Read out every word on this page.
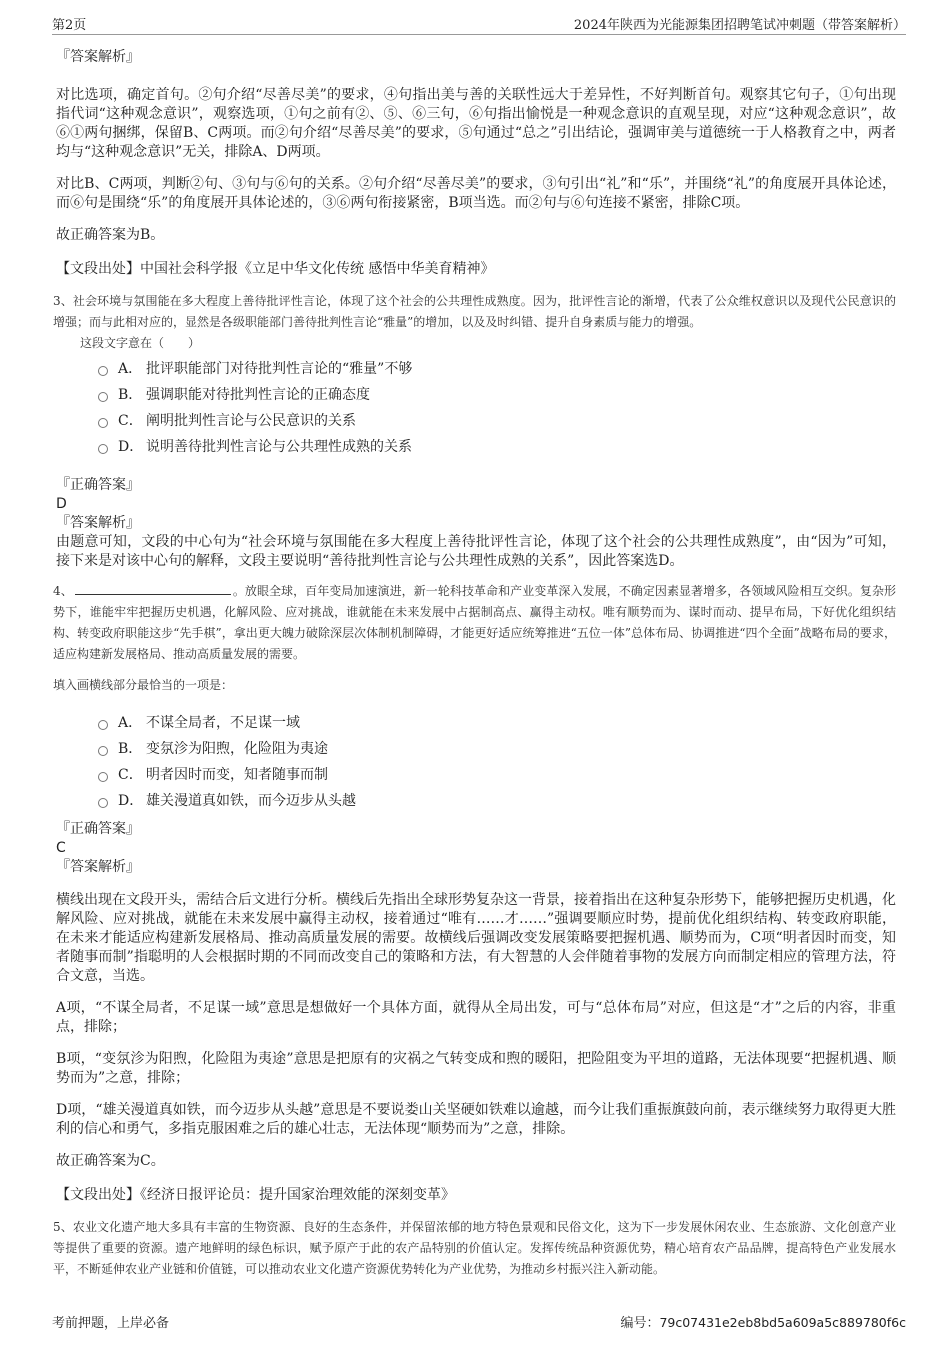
第2页	2024年陕西为光能源集团招聘笔试冲刺题（带答案解析）

『答案解析』

对比选项，确定首句。②句介绍“尽善尽美”的要求，④句指出美与善的关联性远大于差异性，不好判断首句。观察其它句子，①句出现指代词“这种观念意识”，观察选项，①句之前有②、⑤、⑥三句，⑥句指出愉悦是一种观念意识的直观呈现，对应“这种观念意识”，故⑥①两句捆绑，保留B、C两项。而②句介绍“尽善尽美”的要求，⑤句通过“总之”引出结论，强调审美与道德统一于人格教育之中，两者均与“这种观念意识”无关，排除A、D两项。

对比B、C两项，判断②句、③句与⑥句的关系。②句介绍“尽善尽美”的要求，③句引出“礼”和“乐”，并围绕“礼”的角度展开具体论述，而⑥句是围绕“乐”的角度展开具体论述的，③⑥两句衔接紧密，B项当选。而②句与⑥句连接不紧密，排除C项。

故正确答案为B。

【文段出处】中国社会科学报《立足中华文化传统 感悟中华美育精神》

3、社会环境与氛围能在多大程度上善待批评性言论，体现了这个社会的公共理性成熟度。因为，批评性言论的渐增，代表了公众维权意识以及现代公民意识的增强；而与此相对应的，显然是各级职能部门善待批判性言论“雅量”的增加，以及及时纠错、提升自身素质与能力的增强。

这段文字意在（　　）

A． 批评职能部门对待批判性言论的“雅量”不够
B． 强调职能对待批判性言论的正确态度
C． 阐明批判性言论与公民意识的关系
D． 说明善待批判性言论与公共理性成熟的关系

『正确答案』

D

『答案解析』

由题意可知，文段的中心句为“社会环境与氛围能在多大程度上善待批评性言论，体现了这个社会的公共理性成熟度”，由“因为”可知，接下来是对该中心句的解释，文段主要说明“善待批判性言论与公共理性成熟的关系”，因此答案选D。

4、	。放眼全球，百年变局加速演进，新一轮科技革命和产业变革深入发展，不确定因素显著增多，各领域风险相互交织。复杂形势下，谁能牢牢把握历史机遇，化解风险、应对挑战，谁就能在未来发展中占据制高点、赢得主动权。唯有顺势而为、谋时而动、提早布局，下好优化组织结构、转变政府职能这步“先手棋”，拿出更大魄力破除深层次体制机制障碍，才能更好适应统筹推进“五位一体”总体布局、协调推进“四个全面”战略布局的要求，适应构建新发展格局、推动高质量发展的需要。

填入画横线部分最恰当的一项是：

A． 不谋全局者，不足谋一域
B． 变氛沴为阳煦，化险阻为夷途
C． 明者因时而变，知者随事而制
D． 雄关漫道真如铁，而今迈步从头越

『正确答案』

C

『答案解析』

横线出现在文段开头，需结合后文进行分析。横线后先指出全球形势复杂这一背景，接着指出在这种复杂形势下，能够把握历史机遇，化解风险、应对挑战，就能在未来发展中赢得主动权，接着通过“唯有……才……”强调要顺应时势，提前优化组织结构、转变政府职能，在未来才能适应构建新发展格局、推动高质量发展的需要。故横线后强调改变发展策略要把握机遇、顺势而为，C项“明者因时而变，知者随事而制”指聪明的人会根据时期的不同而改变自己的策略和方法，有大智慧的人会伴随着事物的发展方向而制定相应的管理方法，符合文意，当选。

A项，“不谋全局者，不足谋一域”意思是想做好一个具体方面，就得从全局出发，可与“总体布局”对应，但这是“才”之后的内容，非重点，排除；

B项，“变氛沴为阳煦，化险阻为夷途”意思是把原有的灾祸之气转变成和煦的暖阳，把险阻变为平坦的道路，无法体现要“把握机遇、顺势而为”之意，排除；

D项，“雄关漫道真如铁，而今迈步从头越”意思是不要说娄山关坚硬如铁难以逾越，而今让我们重振旗鼓向前，表示继续努力取得更大胜利的信心和勇气，多指克服困难之后的雄心壮志，无法体现“顺势而为”之意，排除。

故正确答案为C。

【文段出处】《经济日报评论员：提升国家治理效能的深刻变革》

5、农业文化遗产地大多具有丰富的生物资源、良好的生态条件，并保留浓郁的地方特色景观和民俗文化，这为下一步发展休闲农业、生态旅游、文化创意产业等提供了重要的资源。遗产地鲜明的绿色标识，赋予原产于此的农产品特别的价值认定。发挥传统品种资源优势，精心培育农产品品牌，提高特色产业发展水平，不断延伸农业产业链和价值链，可以推动农业文化遗产资源优势转化为产业优势，为推动乡村振兴注入新动能。

考前押题，上岸必备	编号：79c07431e2eb8bd5a609a5c889780f6c
